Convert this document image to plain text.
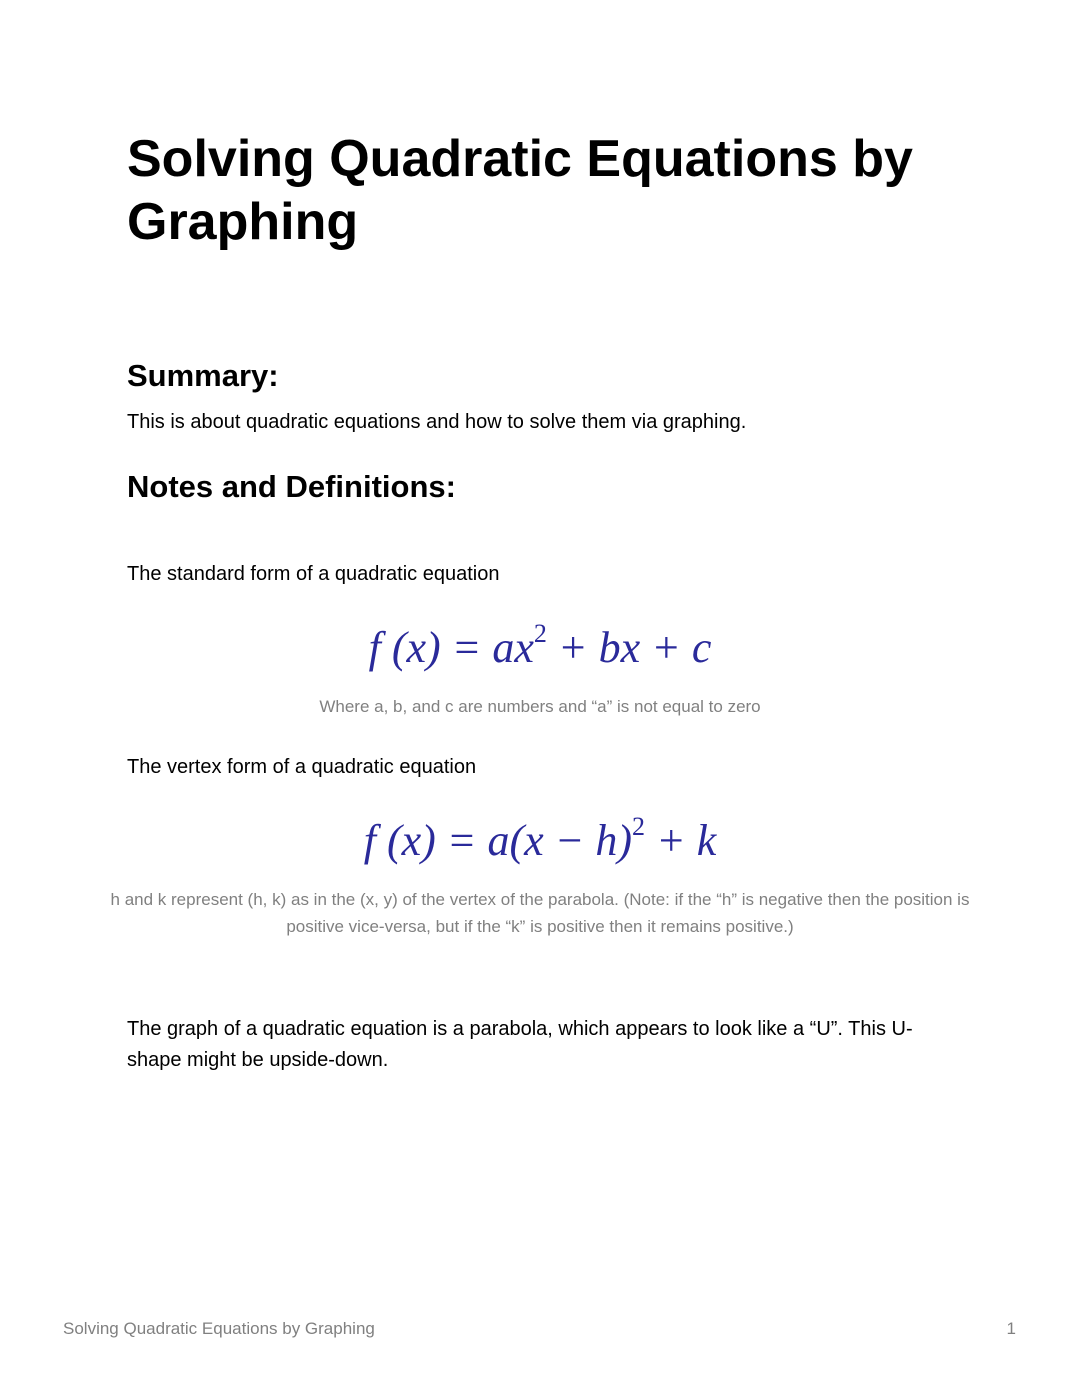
Solving Quadratic Equations by Graphing
Summary:
This is about quadratic equations and how to solve them via graphing.
Notes and Definitions:
The standard form of a quadratic equation
f $(x) = ax^2$ + bx + c
Where a, b, and c are numbers and “a” is not equal to zero
The vertex form of a quadratic equation
f $(x) = a(x - h)^2 + k$
h and k represent (h, k) as in the (x, y) of the vertex of the parabola. (Note: if the “h” is negative then the position is positive vice-versa, but if the “k” is positive then it remains positive.)
The graph of a quadratic equation is a parabola, which appears to look like a “U”. This U-shape might be upside-down.
Solving Quadratic Equations by Graphing	1
